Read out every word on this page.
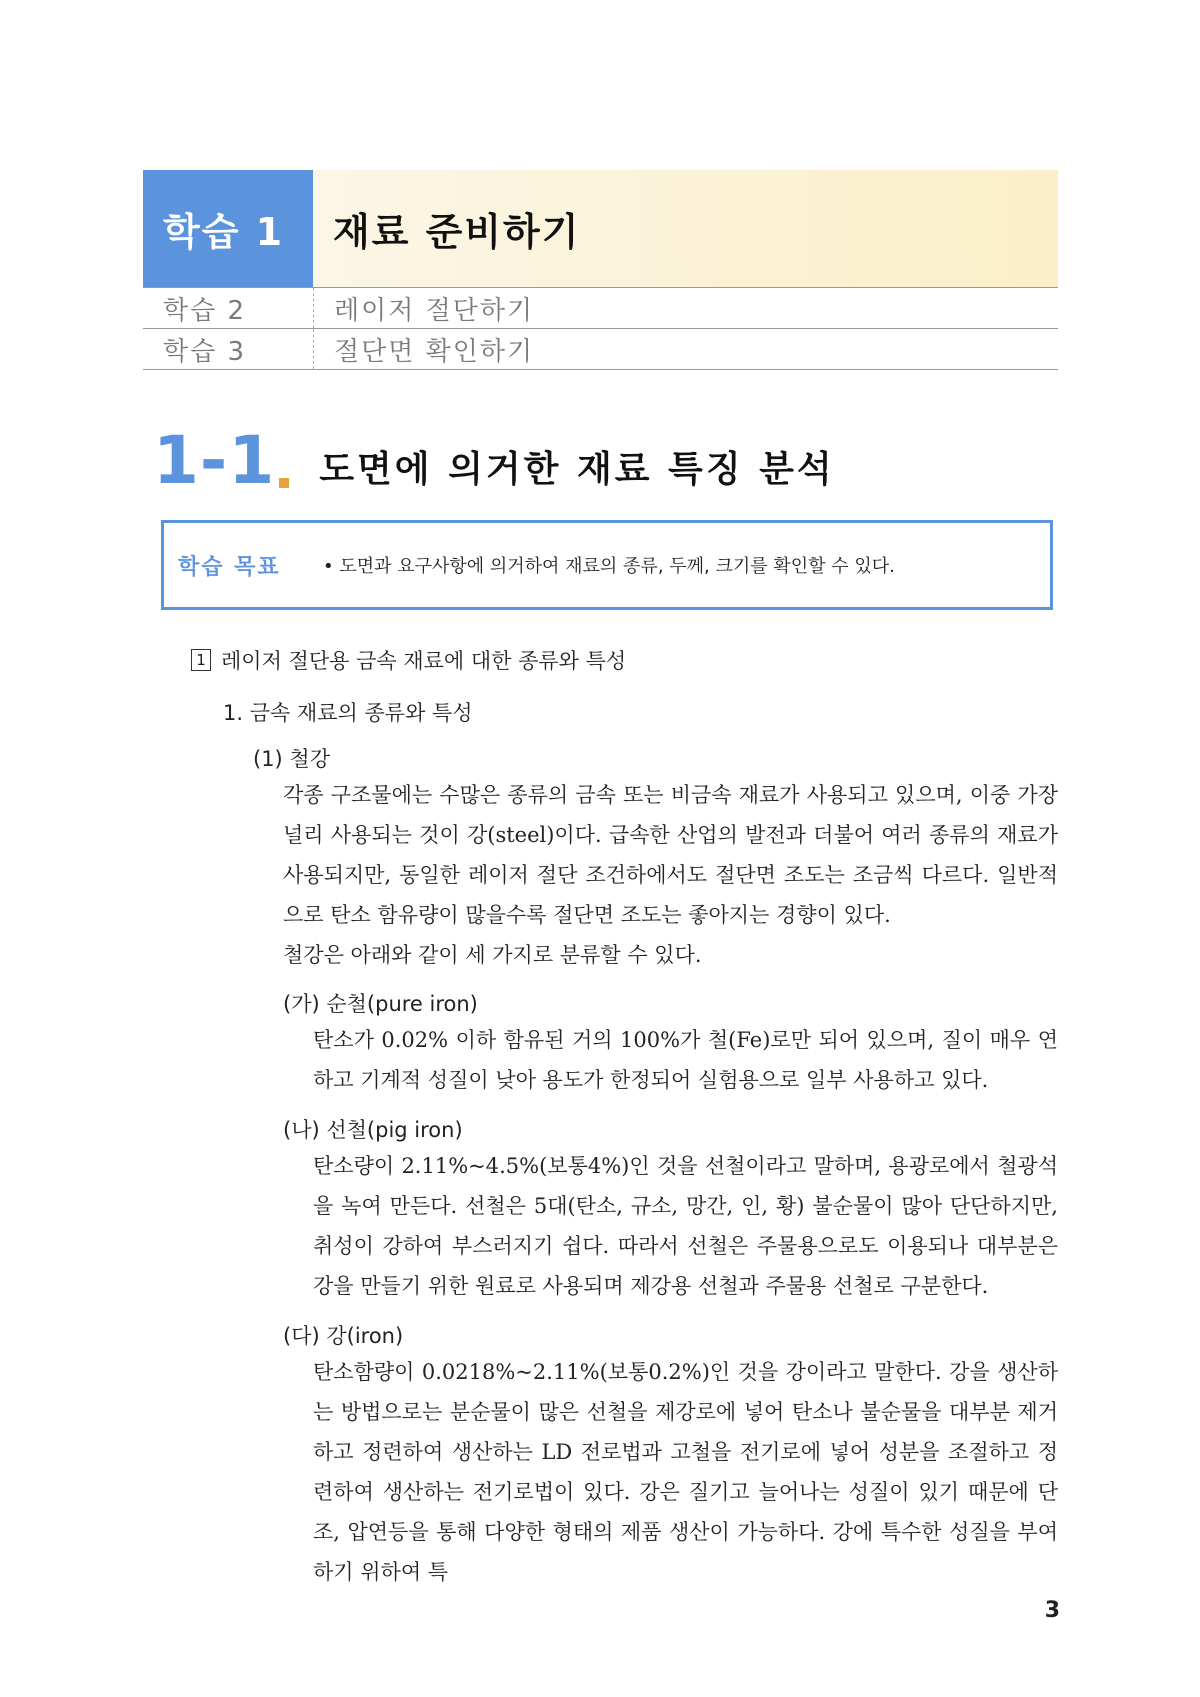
학습 1	재료 준비하기
학습 2	레이저 절단하기
학습 3	절단면 확인하기
1-1 도면에 의거한 재료 특징 분석
학습 목표	• 도면과 요구사항에 의거하여 재료의 종류, 두께, 크기를 확인할 수 있다.
1 레이저 절단용 금속 재료에 대한 종류와 특성
1. 금속 재료의 종류와 특성
(1) 철강
각종 구조물에는 수많은 종류의 금속 또는 비금속 재료가 사용되고 있으며, 이중 가장 널리 사용되는 것이 강(steel)이다. 급속한 산업의 발전과 더불어 여러 종류의 재료가 사용되지만, 동일한 레이저 절단 조건하에서도 절단면 조도는 조금씩 다르다. 일반적으로 탄소 함유량이 많을수록 절단면 조도는 좋아지는 경향이 있다.
철강은 아래와 같이 세 가지로 분류할 수 있다.
(가) 순철(pure iron)
탄소가 0.02% 이하 함유된 거의 100%가 철(Fe)로만 되어 있으며, 질이 매우 연하고 기계적 성질이 낮아 용도가 한정되어 실험용으로 일부 사용하고 있다.
(나) 선철(pig iron)
탄소량이 2.11%~4.5%(보통4%)인 것을 선철이라고 말하며, 용광로에서 철광석을 녹여 만든다. 선철은 5대(탄소, 규소, 망간, 인, 황) 불순물이 많아 단단하지만, 취성이 강하여 부스러지기 쉽다. 따라서 선철은 주물용으로도 이용되나 대부분은 강을 만들기 위한 원료로 사용되며 제강용 선철과 주물용 선철로 구분한다.
(다) 강(iron)
탄소함량이 0.0218%~2.11%(보통0.2%)인 것을 강이라고 말한다. 강을 생산하는 방법으로는 분순물이 많은 선철을 제강로에 넣어 탄소나 불순물을 대부분 제거하고 정련하여 생산하는 LD 전로법과 고철을 전기로에 넣어 성분을 조절하고 정련하여 생산하는 전기로법이 있다. 강은 질기고 늘어나는 성질이 있기 때문에 단조, 압연등을 통해 다양한 형태의 제품 생산이 가능하다. 강에 특수한 성질을 부여하기 위하여 특
3
